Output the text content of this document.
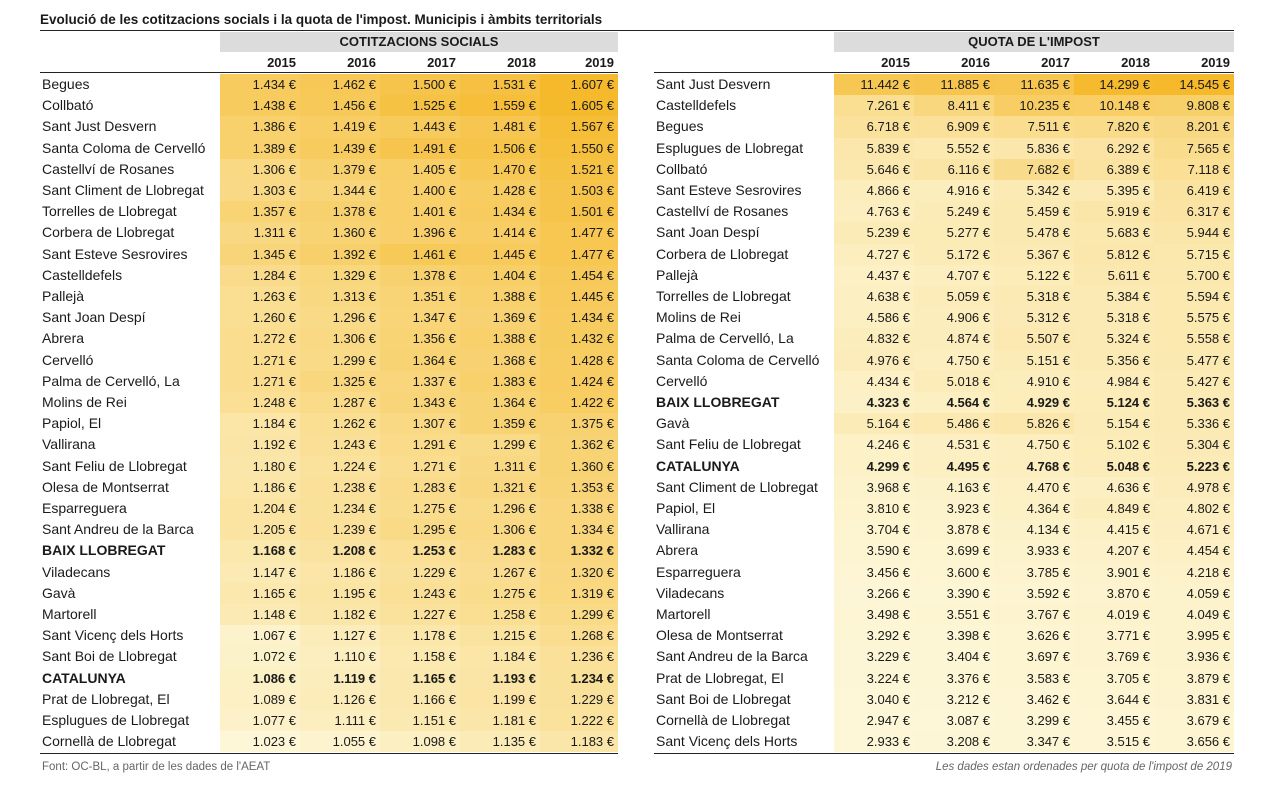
Evolució de les cotitzacions socials i la quota de l'impost. Municipis i àmbits territorials
COTITZACIONS SOCIALS
2015	2016	2017	2018	2019
Begues	1.434 €	1.462 €	1.500 €	1.531 €	1.607 €
Collbató	1.438 €	1.456 €	1.525 €	1.559 €	1.605 €
Sant Just Desvern	1.386 €	1.419 €	1.443 €	1.481 €	1.567 €
Santa Coloma de Cervelló	1.389 €	1.439 €	1.491 €	1.506 €	1.550 €
Castellví de Rosanes	1.306 €	1.379 €	1.405 €	1.470 €	1.521 €
Sant Climent de Llobregat	1.303 €	1.344 €	1.400 €	1.428 €	1.503 €
Torrelles de Llobregat	1.357 €	1.378 €	1.401 €	1.434 €	1.501 €
Corbera de Llobregat	1.311 €	1.360 €	1.396 €	1.414 €	1.477 €
Sant Esteve Sesrovires	1.345 €	1.392 €	1.461 €	1.445 €	1.477 €
Castelldefels	1.284 €	1.329 €	1.378 €	1.404 €	1.454 €
Pallejà	1.263 €	1.313 €	1.351 €	1.388 €	1.445 €
Sant Joan Despí	1.260 €	1.296 €	1.347 €	1.369 €	1.434 €
Abrera	1.272 €	1.306 €	1.356 €	1.388 €	1.432 €
Cervelló	1.271 €	1.299 €	1.364 €	1.368 €	1.428 €
Palma de Cervelló, La	1.271 €	1.325 €	1.337 €	1.383 €	1.424 €
Molins de Rei	1.248 €	1.287 €	1.343 €	1.364 €	1.422 €
Papiol, El	1.184 €	1.262 €	1.307 €	1.359 €	1.375 €
Vallirana	1.192 €	1.243 €	1.291 €	1.299 €	1.362 €
Sant Feliu de Llobregat	1.180 €	1.224 €	1.271 €	1.311 €	1.360 €
Olesa de Montserrat	1.186 €	1.238 €	1.283 €	1.321 €	1.353 €
Esparreguera	1.204 €	1.234 €	1.275 €	1.296 €	1.338 €
Sant Andreu de la Barca	1.205 €	1.239 €	1.295 €	1.306 €	1.334 €
BAIX LLOBREGAT	1.168 €	1.208 €	1.253 €	1.283 €	1.332 €
Viladecans	1.147 €	1.186 €	1.229 €	1.267 €	1.320 €
Gavà	1.165 €	1.195 €	1.243 €	1.275 €	1.319 €
Martorell	1.148 €	1.182 €	1.227 €	1.258 €	1.299 €
Sant Vicenç dels Horts	1.067 €	1.127 €	1.178 €	1.215 €	1.268 €
Sant Boi de Llobregat	1.072 €	1.110 €	1.158 €	1.184 €	1.236 €
CATALUNYA	1.086 €	1.119 €	1.165 €	1.193 €	1.234 €
Prat de Llobregat, El	1.089 €	1.126 €	1.166 €	1.199 €	1.229 €
Esplugues de Llobregat	1.077 €	1.111 €	1.151 €	1.181 €	1.222 €
Cornellà de Llobregat	1.023 €	1.055 €	1.098 €	1.135 €	1.183 €
QUOTA DE L'IMPOST
2015	2016	2017	2018	2019
Sant Just Desvern	11.442 €	11.885 €	11.635 €	14.299 €	14.545 €
Castelldefels	7.261 €	8.411 €	10.235 €	10.148 €	9.808 €
Begues	6.718 €	6.909 €	7.511 €	7.820 €	8.201 €
Esplugues de Llobregat	5.839 €	5.552 €	5.836 €	6.292 €	7.565 €
Collbató	5.646 €	6.116 €	7.682 €	6.389 €	7.118 €
Sant Esteve Sesrovires	4.866 €	4.916 €	5.342 €	5.395 €	6.419 €
Castellví de Rosanes	4.763 €	5.249 €	5.459 €	5.919 €	6.317 €
Sant Joan Despí	5.239 €	5.277 €	5.478 €	5.683 €	5.944 €
Corbera de Llobregat	4.727 €	5.172 €	5.367 €	5.812 €	5.715 €
Pallejà	4.437 €	4.707 €	5.122 €	5.611 €	5.700 €
Torrelles de Llobregat	4.638 €	5.059 €	5.318 €	5.384 €	5.594 €
Molins de Rei	4.586 €	4.906 €	5.312 €	5.318 €	5.575 €
Palma de Cervelló, La	4.832 €	4.874 €	5.507 €	5.324 €	5.558 €
Santa Coloma de Cervelló	4.976 €	4.750 €	5.151 €	5.356 €	5.477 €
Cervelló	4.434 €	5.018 €	4.910 €	4.984 €	5.427 €
BAIX LLOBREGAT	4.323 €	4.564 €	4.929 €	5.124 €	5.363 €
Gavà	5.164 €	5.486 €	5.826 €	5.154 €	5.336 €
Sant Feliu de Llobregat	4.246 €	4.531 €	4.750 €	5.102 €	5.304 €
CATALUNYA	4.299 €	4.495 €	4.768 €	5.048 €	5.223 €
Sant Climent de Llobregat	3.968 €	4.163 €	4.470 €	4.636 €	4.978 €
Papiol, El	3.810 €	3.923 €	4.364 €	4.849 €	4.802 €
Vallirana	3.704 €	3.878 €	4.134 €	4.415 €	4.671 €
Abrera	3.590 €	3.699 €	3.933 €	4.207 €	4.454 €
Esparreguera	3.456 €	3.600 €	3.785 €	3.901 €	4.218 €
Viladecans	3.266 €	3.390 €	3.592 €	3.870 €	4.059 €
Martorell	3.498 €	3.551 €	3.767 €	4.019 €	4.049 €
Olesa de Montserrat	3.292 €	3.398 €	3.626 €	3.771 €	3.995 €
Sant Andreu de la Barca	3.229 €	3.404 €	3.697 €	3.769 €	3.936 €
Prat de Llobregat, El	3.224 €	3.376 €	3.583 €	3.705 €	3.879 €
Sant Boi de Llobregat	3.040 €	3.212 €	3.462 €	3.644 €	3.831 €
Cornellà de Llobregat	2.947 €	3.087 €	3.299 €	3.455 €	3.679 €
Sant Vicenç dels Horts	2.933 €	3.208 €	3.347 €	3.515 €	3.656 €
Font: OC-BL, a partir de les dades de l'AEAT	Les dades estan ordenades per quota de l'impost de 2019
